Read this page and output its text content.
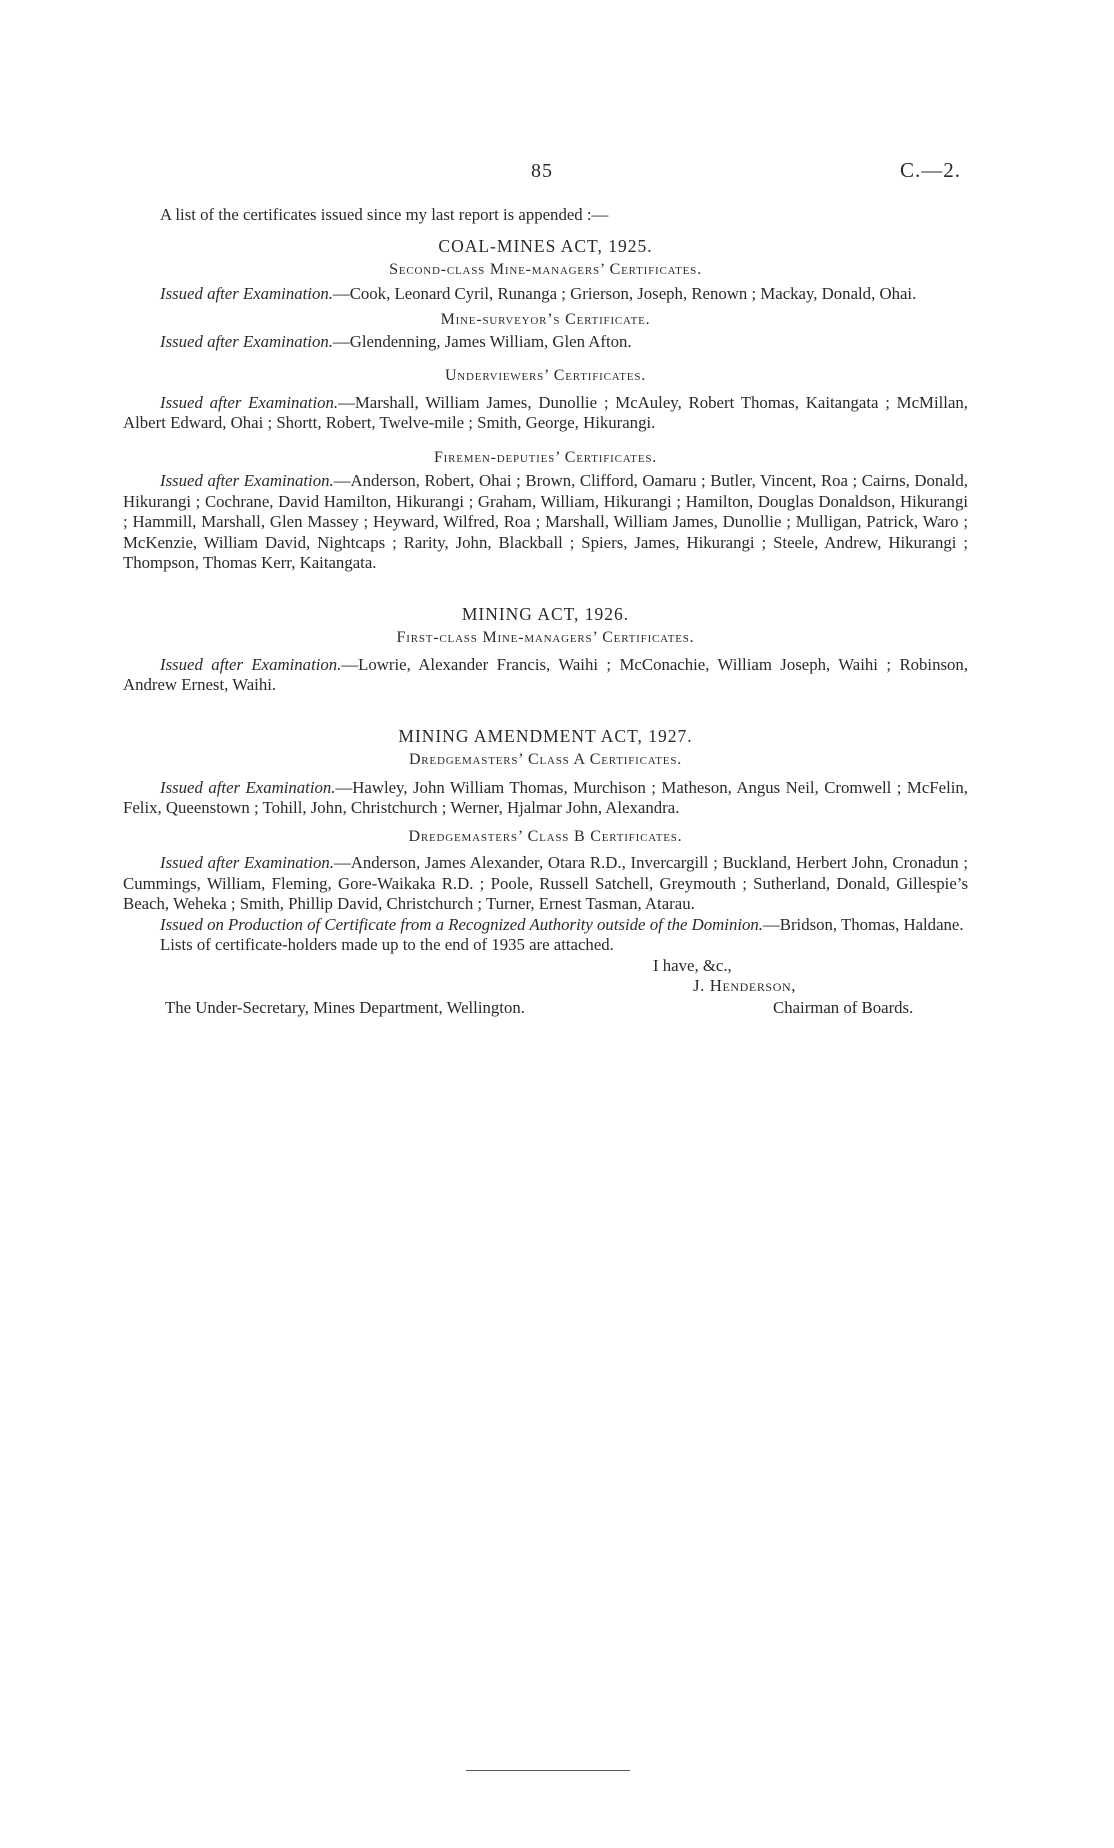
85	C.—2.

A list of the certificates issued since my last report is appended :—

COAL-MINES ACT, 1925.
Second-class Mine-managers’ Certificates.

Issued after Examination.—Cook, Leonard Cyril, Runanga ; Grierson, Joseph, Renown ; Mackay, Donald, Ohai.

Mine-surveyor’s Certificate.

Issued after Examination.—Glendenning, James William, Glen Afton.

Underviewers’ Certificates.

Issued after Examination.—Marshall, William James, Dunollie ; McAuley, Robert Thomas, Kaitangata ; McMillan, Albert Edward, Ohai ; Shortt, Robert, Twelve-mile ; Smith, George, Hikurangi.

Firemen-deputies’ Certificates.

Issued after Examination.—Anderson, Robert, Ohai ; Brown, Clifford, Oamaru ; Butler, Vincent, Roa ; Cairns, Donald, Hikurangi ; Cochrane, David Hamilton, Hikurangi ; Graham, William, Hikurangi ; Hamilton, Douglas Donaldson, Hikurangi ; Hammill, Marshall, Glen Massey ; Heyward, Wilfred, Roa ; Marshall, William James, Dunollie ; Mulligan, Patrick, Waro ; McKenzie, William David, Nightcaps ; Rarity, John, Blackball ; Spiers, James, Hikurangi ; Steele, Andrew, Hikurangi ; Thompson, Thomas Kerr, Kaitangata.

MINING ACT, 1926.
First-class Mine-managers’ Certificates.

Issued after Examination.—Lowrie, Alexander Francis, Waihi ; McConachie, William Joseph, Waihi ; Robinson, Andrew Ernest, Waihi.

MINING AMENDMENT ACT, 1927.
Dredgemasters’ Class A Certificates.

Issued after Examination.—Hawley, John William Thomas, Murchison ; Matheson, Angus Neil, Cromwell ; McFelin, Felix, Queenstown ; Tohill, John, Christchurch ; Werner, Hjalmar John, Alexandra.

Dredgemasters’ Class B Certificates.

Issued after Examination.—Anderson, James Alexander, Otara R.D., Invercargill ; Buckland, Herbert John, Cronadun ; Cummings, William, Fleming, Gore-Waikaka R.D. ; Poole, Russell Satchell, Greymouth ; Sutherland, Donald, Gillespie’s Beach, Weheka ; Smith, Phillip David, Christchurch ; Turner, Ernest Tasman, Atarau.

Issued on Production of Certificate from a Recognized Authority outside of the Dominion.—Bridson, Thomas, Haldane.

Lists of certificate-holders made up to the end of 1935 are attached.

I have, &c.,
J. Henderson,
The Under-Secretary, Mines Department, Wellington.	Chairman of Boards.
